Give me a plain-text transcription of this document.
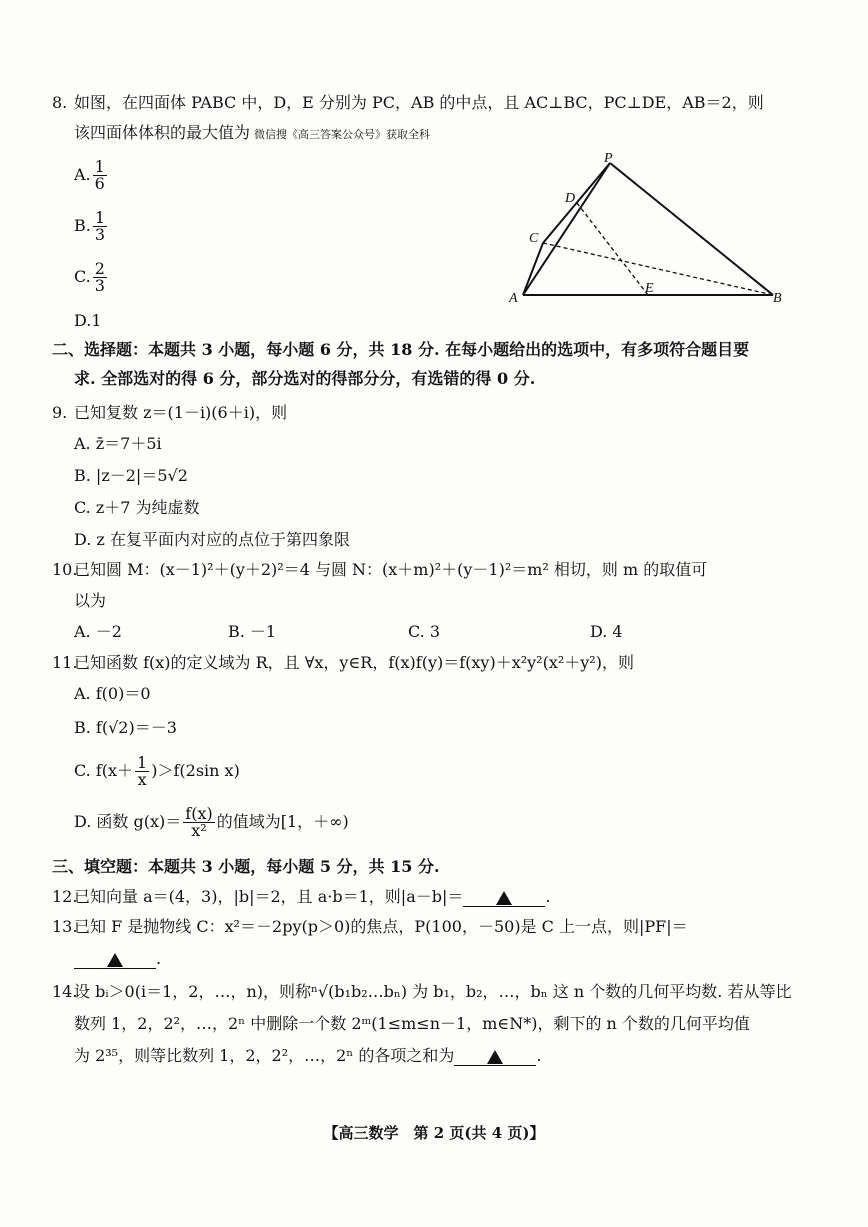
8. 如图，在四面体 PABC 中，D，E 分别为 PC，AB 的中点，且 AC⊥BC，PC⊥DE，AB＝2，则
该四面体体积的最大值为 微信搜《高三答案公众号》获取全科
A. $\frac{1}{6}$
B. $\frac{1}{3}$
C. $\frac{2}{3}$
D.1
P
D
C
A
E
B
二、选择题：本题共 3 小题，每小题 6 分，共 18 分. 在每小题给出的选项中，有多项符合题目要
求. 全部选对的得 6 分，部分选对的得部分分，有选错的得 0 分.
9. 已知复数 z＝(1－i)(6＋i)，则
A. z̄＝7＋5i
B. |z－2|＝5√2
C. z＋7 为纯虚数
D. z 在复平面内对应的点位于第四象限
10.已知圆 M：(x－1)²＋(y＋2)²＝4 与圆 N：(x＋m)²＋(y－1)²＝m² 相切，则 m 的取值可
以为
A. －2	B. －1	C. 3	D. 4
11.已知函数 f(x)的定义域为 R，且 ∀x，y∈R，f(x)f(y)＝f(xy)＋x²y²(x²＋y²)，则
A. f(0)＝0
B. f(√2)＝－3
C. $f(x+ \frac{1}{x} )>f(2\sin$ x)
D. 函数 $g(x)= \frac{f(x)}{\text{x²}}$ 的值域为[1，＋∞)
三、填空题：本题共 3 小题，每小题 5 分，共 15 分.
12.已知向量 a＝(4，3)，|b|＝2，且 a·b＝1，则|a－b|＝	.
13.已知 F 是抛物线 C：x²＝－2py(p＞0)的焦点，P(100，－50)是 C 上一点，则|PF|＝
.
14.设 bᵢ＞0(i＝1，2，…，n)，则称ⁿ√(b₁b₂…bₙ) 为 b₁，b₂，…，bₙ 这 n 个数的几何平均数. 若从等比
数列 1，2，2²，…，2ⁿ 中删除一个数 2ᵐ(1≤m≤n－1，m∈N*)，剩下的 n 个数的几何平均值
为 2³⁵，则等比数列 1，2，2²，…，2ⁿ 的各项之和为	.
【高三数学　第 2 页(共 4 页)】
